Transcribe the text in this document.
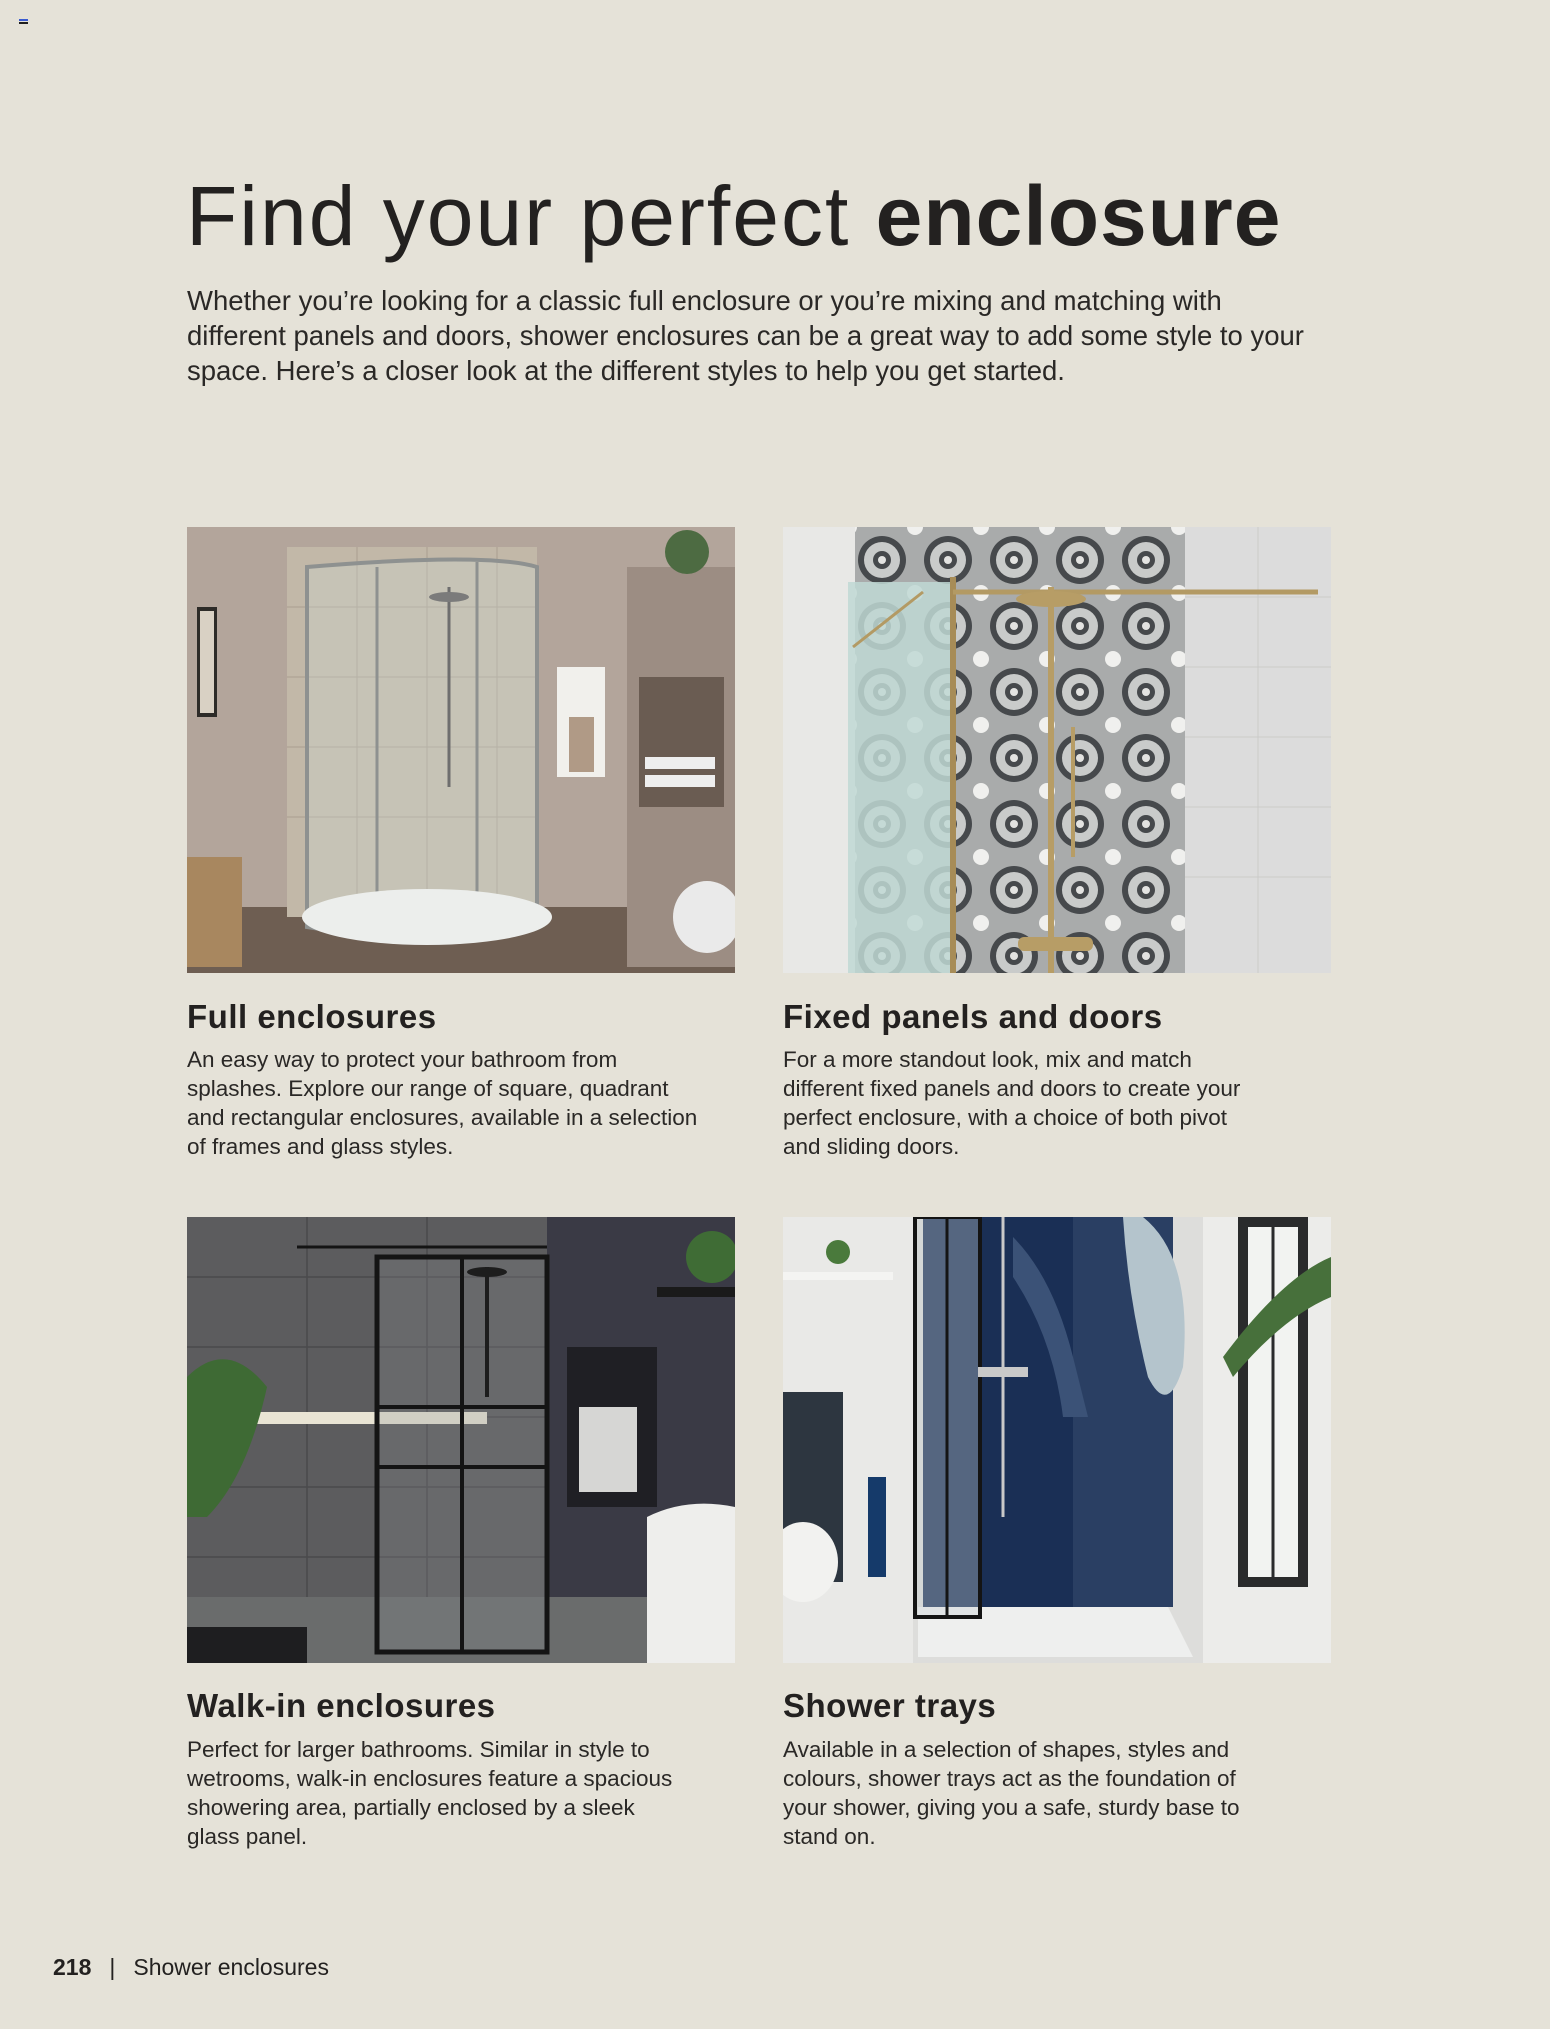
Find your perfect enclosure

Whether you’re looking for a classic full enclosure or you’re mixing and matching with different panels and doors, shower enclosures can be a great way to add some style to your space. Here’s a closer look at the different styles to help you get started.

Full enclosures

An easy way to protect your bathroom from splashes. Explore our range of square, quadrant and rectangular enclosures, available in a selection of frames and glass styles.

Fixed panels and doors

For a more standout look, mix and match different fixed panels and doors to create your perfect enclosure, with a choice of both pivot and sliding doors.

Walk-in enclosures

Perfect for larger bathrooms. Similar in style to wetrooms, walk-in enclosures feature a spacious showering area, partially enclosed by a sleek glass panel.

Shower trays

Available in a selection of shapes, styles and colours, shower trays act as the foundation of your shower, giving you a safe, sturdy base to stand on.

218 | Shower enclosures
